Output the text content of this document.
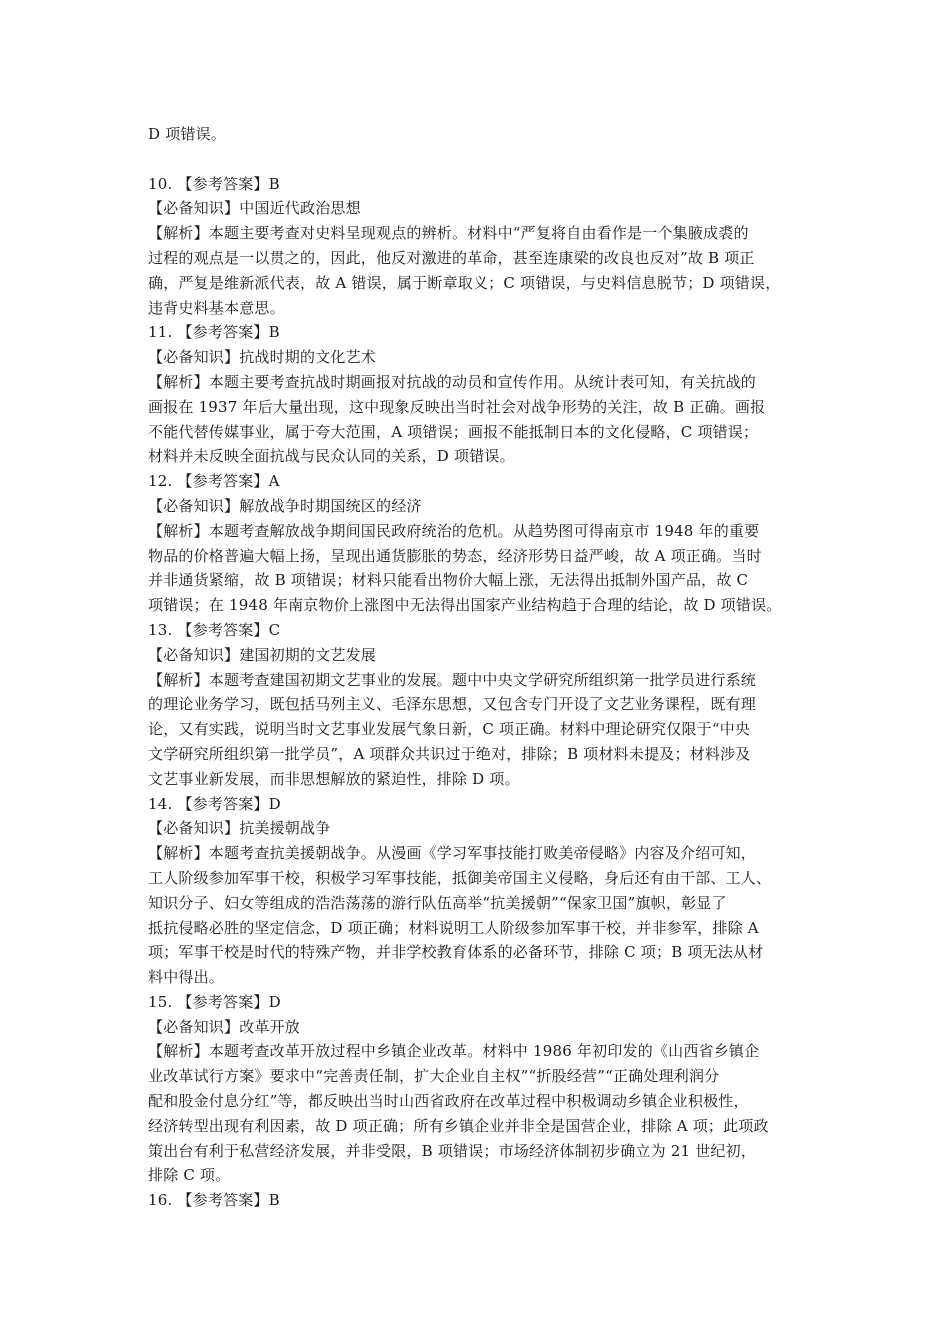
D 项错误。
10. 【参考答案】B
【必备知识】中国近代政治思想
【解析】本题主要考查对史料呈现观点的辨析。材料中“严复将自由看作是一个集腋成裘的
过程的观点是一以贯之的，因此，他反对激进的革命，甚至连康梁的改良也反对”故 B 项正
确，严复是维新派代表，故 A 错误，属于断章取义；C 项错误，与史料信息脱节；D 项错误，
违背史料基本意思。
11. 【参考答案】B
【必备知识】抗战时期的文化艺术
【解析】本题主要考查抗战时期画报对抗战的动员和宣传作用。从统计表可知，有关抗战的
画报在 1937 年后大量出现，这中现象反映出当时社会对战争形势的关注，故 B 正确。画报
不能代替传媒事业，属于夸大范围，A 项错误；画报不能抵制日本的文化侵略，C 项错误；
材料并未反映全面抗战与民众认同的关系，D 项错误。
12. 【参考答案】A
【必备知识】解放战争时期国统区的经济
【解析】本题考查解放战争期间国民政府统治的危机。从趋势图可得南京市 1948 年的重要
物品的价格普遍大幅上扬，呈现出通货膨胀的势态，经济形势日益严峻，故 A 项正确。当时
并非通货紧缩，故 B 项错误；材料只能看出物价大幅上涨，无法得出抵制外国产品，故 C
项错误；在 1948 年南京物价上涨图中无法得出国家产业结构趋于合理的结论，故 D 项错误。
13. 【参考答案】C
【必备知识】建国初期的文艺发展
【解析】本题考查建国初期文艺事业的发展。题中中央文学研究所组织第一批学员进行系统
的理论业务学习，既包括马列主义、毛泽东思想，又包含专门开设了文艺业务课程，既有理
论，又有实践，说明当时文艺事业发展气象日新，C 项正确。材料中理论研究仅限于“中央
文学研究所组织第一批学员”，A 项群众共识过于绝对，排除；B 项材料未提及；材料涉及
文艺事业新发展，而非思想解放的紧迫性，排除 D 项。
14. 【参考答案】D
【必备知识】抗美援朝战争
【解析】本题考查抗美援朝战争。从漫画《学习军事技能打败美帝侵略》内容及介绍可知，
工人阶级参加军事干校，积极学习军事技能，抵御美帝国主义侵略，身后还有由干部、工人、
知识分子、妇女等组成的浩浩荡荡的游行队伍高举“抗美援朝”“保家卫国”旗帜，彰显了
抵抗侵略必胜的坚定信念，D 项正确；材料说明工人阶级参加军事干校，并非参军，排除 A
项；军事干校是时代的特殊产物，并非学校教育体系的必备环节，排除 C 项；B 项无法从材
料中得出。
15. 【参考答案】D
【必备知识】改革开放
【解析】本题考查改革开放过程中乡镇企业改革。材料中 1986 年初印发的《山西省乡镇企
业改革试行方案》要求中“完善责任制，扩大企业自主权”“折股经营”“正确处理利润分
配和股金付息分红”等，都反映出当时山西省政府在改革过程中积极调动乡镇企业积极性，
经济转型出现有利因素，故 D 项正确；所有乡镇企业并非全是国营企业，排除 A 项；此项政
策出台有利于私营经济发展，并非受限，B 项错误；市场经济体制初步确立为 21 世纪初，
排除 C 项。
16. 【参考答案】B
